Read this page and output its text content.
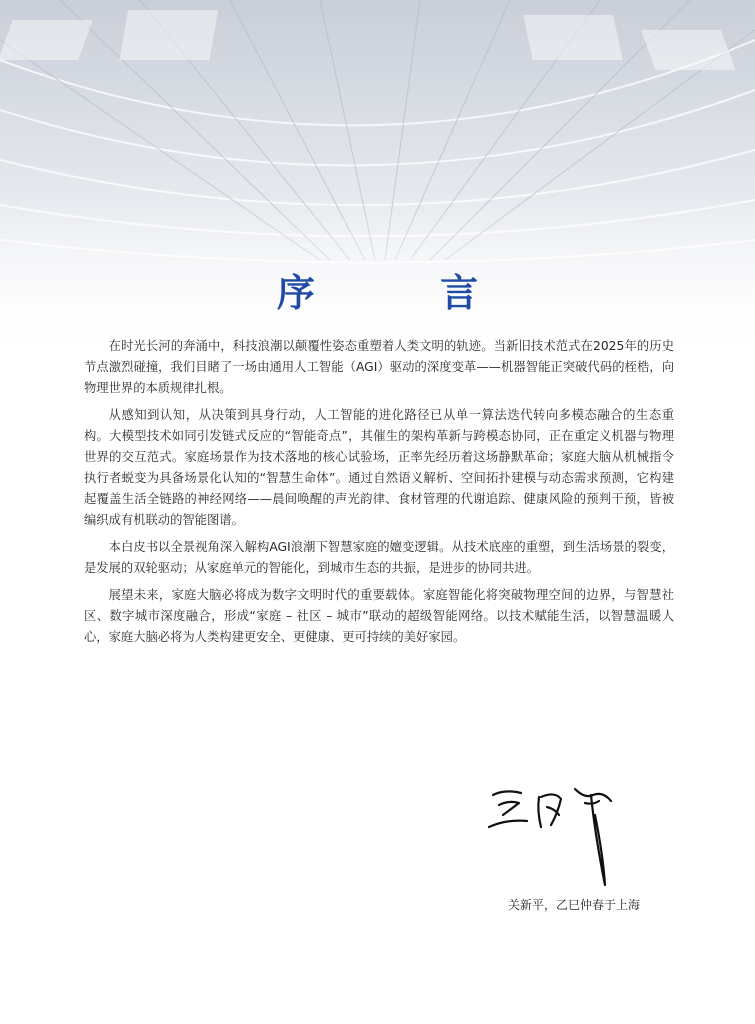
序 言

在时光长河的奔涌中，科技浪潮以颠覆性姿态重塑着人类文明的轨迹。当新旧技术范式在2025年的历史节点激烈碰撞，我们目睹了一场由通用人工智能（AGI）驱动的深度变革——机器智能正突破代码的桎梏，向物理世界的本质规律扎根。

从感知到认知，从决策到具身行动，人工智能的进化路径已从单一算法迭代转向多模态融合的生态重构。大模型技术如同引发链式反应的“智能奇点”，其催生的架构革新与跨模态协同，正在重定义机器与物理世界的交互范式。家庭场景作为技术落地的核心试验场，正率先经历着这场静默革命；家庭大脑从机械指令执行者蜕变为具备场景化认知的“智慧生命体”。通过自然语义解析、空间拓扑建模与动态需求预测，它构建起覆盖生活全链路的神经网络——晨间唤醒的声光韵律、食材管理的代谢追踪、健康风险的预判干预，皆被编织成有机联动的智能图谱。

本白皮书以全景视角深入解构AGI浪潮下智慧家庭的嬗变逻辑。从技术底座的重塑，到生活场景的裂变，是发展的双轮驱动；从家庭单元的智能化，到城市生态的共振，是进步的协同共进。

展望未来，家庭大脑必将成为数字文明时代的重要载体。家庭智能化将突破物理空间的边界，与智慧社区、数字城市深度融合，形成“家庭 – 社区 – 城市”联动的超级智能网络。以技术赋能生活，以智慧温暖人心，家庭大脑必将为人类构建更安全、更健康、更可持续的美好家园。

关新平，乙巳仲春于上海
